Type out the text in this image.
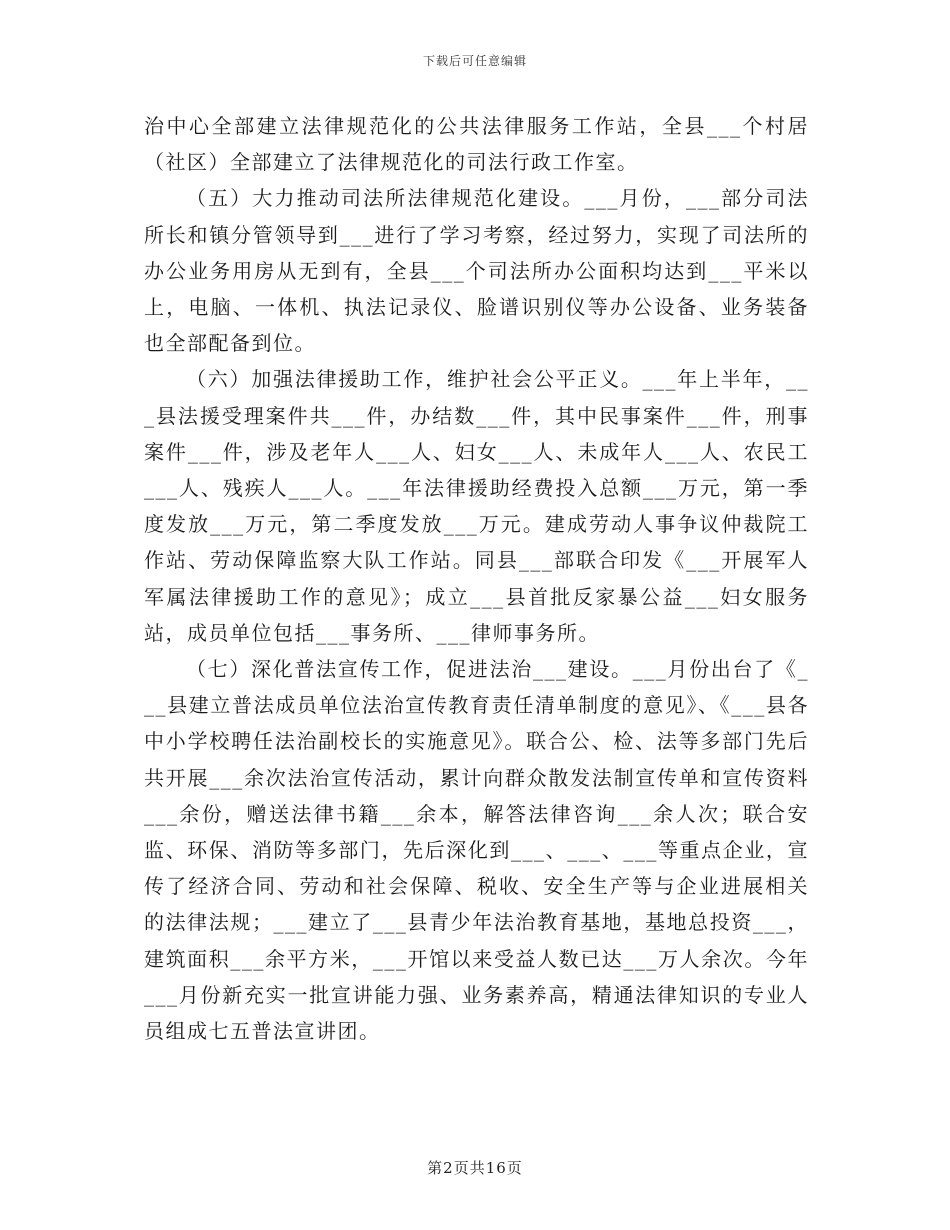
下载后可任意编辑

治中心全部建立法律规范化的公共法律服务工作站，全县___个村居（社区）全部建立了法律规范化的司法行政工作室。

（五）大力推动司法所法律规范化建设。___月份，___部分司法所长和镇分管领导到___进行了学习考察，经过努力，实现了司法所的办公业务用房从无到有，全县___个司法所办公面积均达到___平米以上，电脑、一体机、执法记录仪、脸谱识别仪等办公设备、业务装备也全部配备到位。

（六）加强法律援助工作，维护社会公平正义。___年上半年，___县法援受理案件共___件，办结数___件，其中民事案件___件，刑事案件___件，涉及老年人___人、妇女___人、未成年人___人、农民工___人、残疾人___人。___年法律援助经费投入总额___万元，第一季度发放___万元，第二季度发放___万元。建成劳动人事争议仲裁院工作站、劳动保障监察大队工作站。同县___部联合印发《___开展军人军属法律援助工作的意见》；成立___县首批反家暴公益___妇女服务站，成员单位包括___事务所、___律师事务所。

（七）深化普法宣传工作，促进法治___建设。___月份出台了《___县建立普法成员单位法治宣传教育责任清单制度的意见》、《___县各中小学校聘任法治副校长的实施意见》。联合公、检、法等多部门先后共开展___余次法治宣传活动，累计向群众散发法制宣传单和宣传资料___余份，赠送法律书籍___余本，解答法律咨询___余人次；联合安监、环保、消防等多部门，先后深化到___、___、___等重点企业，宣传了经济合同、劳动和社会保障、税收、安全生产等与企业进展相关的法律法规；___建立了___县青少年法治教育基地，基地总投资___，建筑面积___余平方米，___开馆以来受益人数已达___万人余次。今年___月份新充实一批宣讲能力强、业务素养高，精通法律知识的专业人员组成七五普法宣讲团。

第2页共16页
